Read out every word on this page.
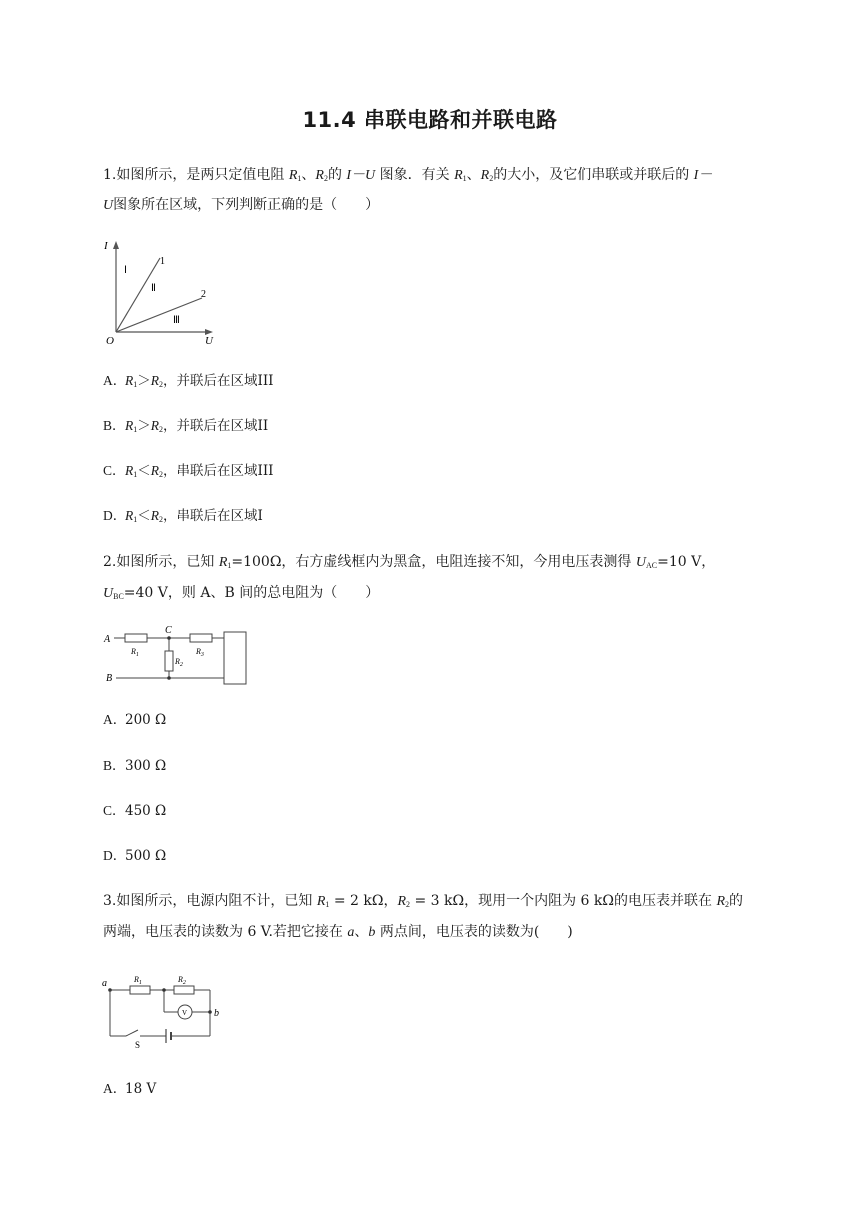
11.4 串联电路和并联电路
1.如图所示，是两只定值电阻 $R_1$、$R_2$的 I－U 图象．有关 $R_1$、$R_2$的大小，及它们串联或并联后的 I－
U图象所在区域，下列判断正确的是（　　）
I
U
O
1
2
Ⅰ
Ⅱ
Ⅲ
A．$R_1>R_2$，并联后在区域III
B．$R_1>R_2$，并联后在区域II
C．$R_1<R_2$，串联后在区域III
D．$R_1<R_2$，串联后在区域I
2.如图所示，已知 $R_1=100\Omega$，右方虚线框内为黑盒，电阻连接不知，今用电压表测得 $U_{AC}=10$ V，
$U_{BC}=40$ V，则 A、B 间的总电阻为（　　）
A
B
C
$R_1$
$R_2$
$R_3$
A．200 Ω
B．300 Ω
C．450 Ω
D．500 Ω
3.如图所示，电源内阻不计，已知 $R_1 = 2$ kΩ，$R_2 = 3$ kΩ，现用一个内阻为 6 kΩ的电压表并联在 $R_2$的
两端，电压表的读数为 6 V.若把它接在 a、b 两点间，电压表的读数为(　　)
a
b
$R_1$	$R_2$
V
S
A．18 V
